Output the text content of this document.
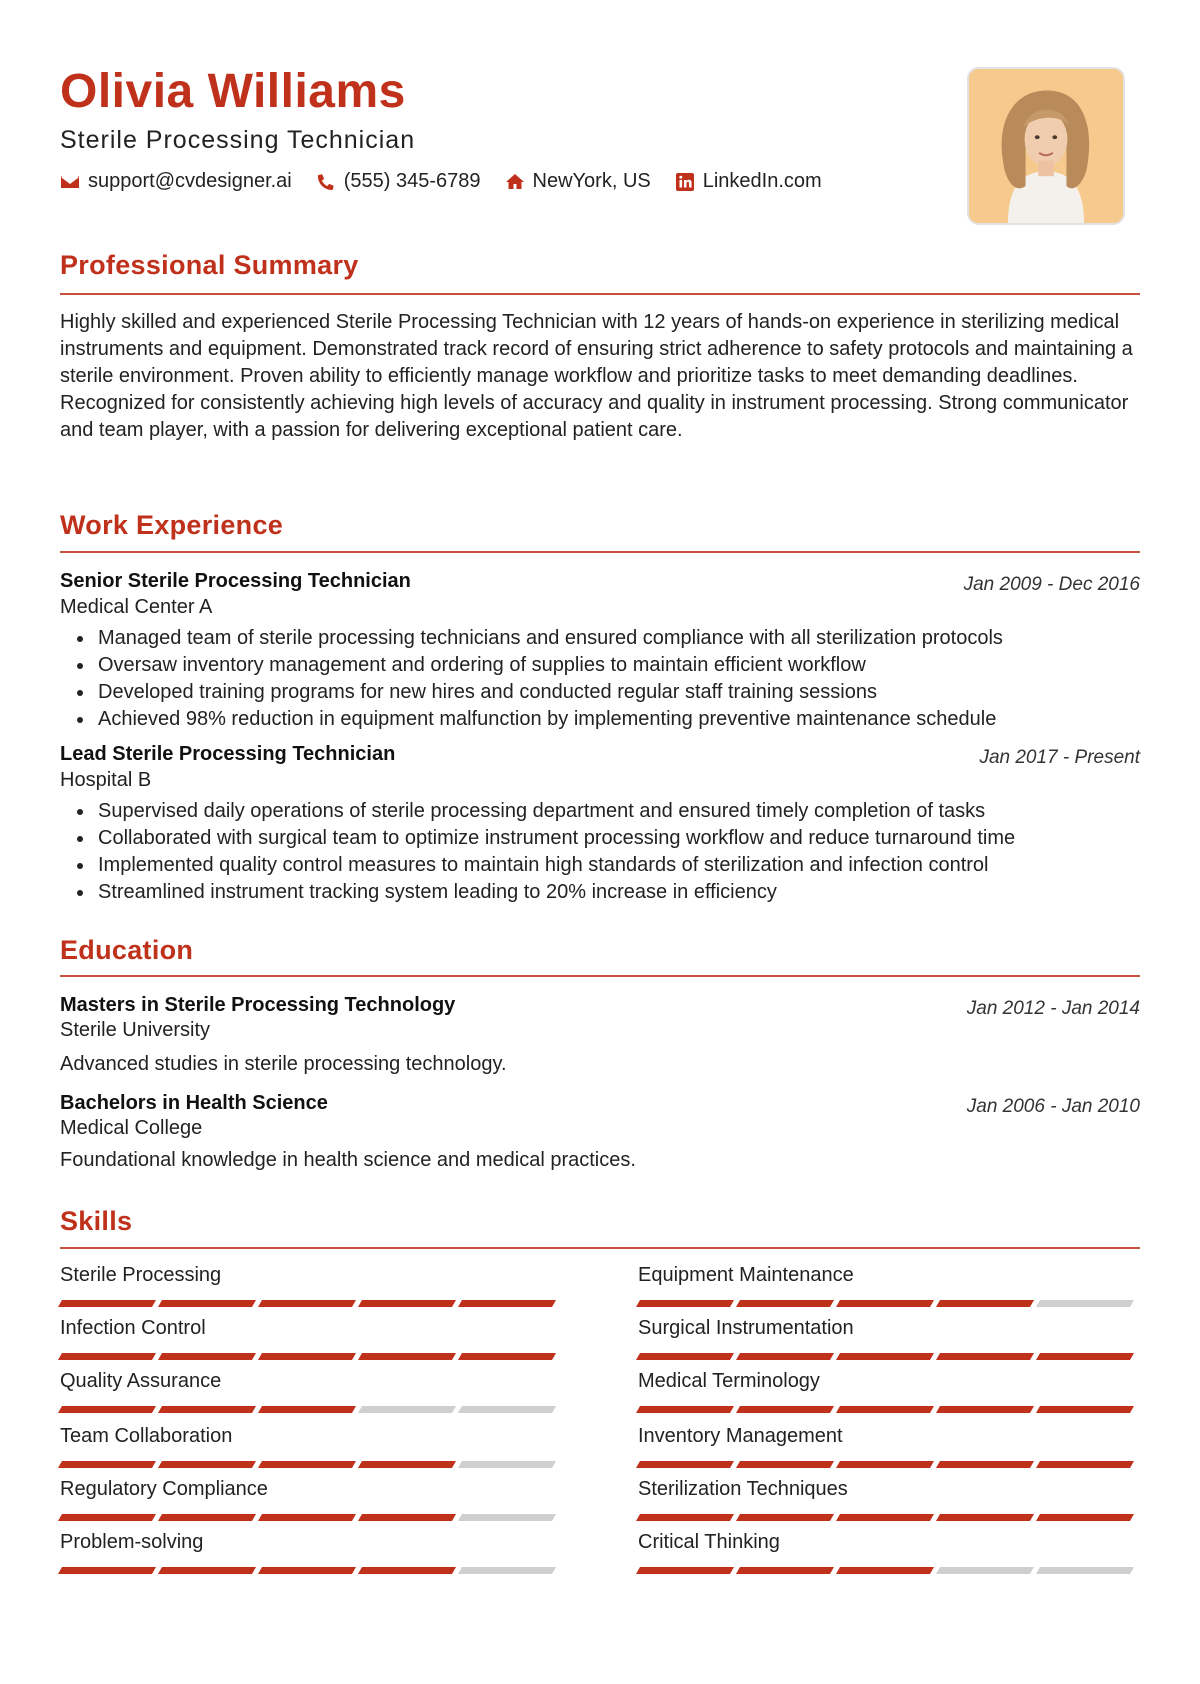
Olivia Williams
Sterile Processing Technician
support@cvdesigner.ai	(555) 345-6789	NewYork, US	LinkedIn.com
Professional Summary
Highly skilled and experienced Sterile Processing Technician with 12 years of hands-on experience in sterilizing medical instruments and equipment. Demonstrated track record of ensuring strict adherence to safety protocols and maintaining a sterile environment. Proven ability to efficiently manage workflow and prioritize tasks to meet demanding deadlines. Recognized for consistently achieving high levels of accuracy and quality in instrument processing. Strong communicator and team player, with a passion for delivering exceptional patient care.
Work Experience
Senior Sterile Processing Technician	Jan 2009 - Dec 2016
Medical Center A
Managed team of sterile processing technicians and ensured compliance with all sterilization protocols
Oversaw inventory management and ordering of supplies to maintain efficient workflow
Developed training programs for new hires and conducted regular staff training sessions
Achieved 98% reduction in equipment malfunction by implementing preventive maintenance schedule
Lead Sterile Processing Technician	Jan 2017 - Present
Hospital B
Supervised daily operations of sterile processing department and ensured timely completion of tasks
Collaborated with surgical team to optimize instrument processing workflow and reduce turnaround time
Implemented quality control measures to maintain high standards of sterilization and infection control
Streamlined instrument tracking system leading to 20% increase in efficiency
Education
Masters in Sterile Processing Technology	Jan 2012 - Jan 2014
Sterile University
Advanced studies in sterile processing technology.
Bachelors in Health Science	Jan 2006 - Jan 2010
Medical College
Foundational knowledge in health science and medical practices.
Skills
Sterile Processing	Equipment Maintenance
Infection Control	Surgical Instrumentation
Quality Assurance	Medical Terminology
Team Collaboration	Inventory Management
Regulatory Compliance	Sterilization Techniques
Problem-solving	Critical Thinking
